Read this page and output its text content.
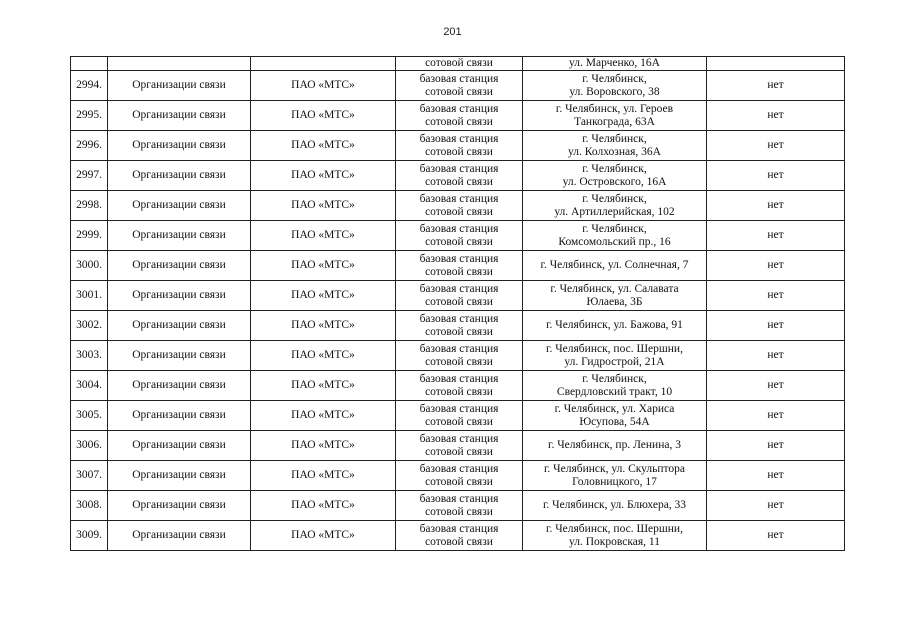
201
			сотовой связи	ул. Марченко, 16А	
2994.	Организации связи	ПАО «МТС»	базовая станция
сотовой связи	г. Челябинск,
ул. Воровского, 38	нет
2995.	Организации связи	ПАО «МТС»	базовая станция
сотовой связи	г. Челябинск, ул. Героев
Танкограда, 63А	нет
2996.	Организации связи	ПАО «МТС»	базовая станция
сотовой связи	г. Челябинск,
ул. Колхозная, 36А	нет
2997.	Организации связи	ПАО «МТС»	базовая станция
сотовой связи	г. Челябинск,
ул. Островского, 16А	нет
2998.	Организации связи	ПАО «МТС»	базовая станция
сотовой связи	г. Челябинск,
ул. Артиллерийская, 102	нет
2999.	Организации связи	ПАО «МТС»	базовая станция
сотовой связи	г. Челябинск,
Комсомольский пр., 16	нет
3000.	Организации связи	ПАО «МТС»	базовая станция
сотовой связи	г. Челябинск, ул. Солнечная, 7	нет
3001.	Организации связи	ПАО «МТС»	базовая станция
сотовой связи	г. Челябинск, ул. Салавата
Юлаева, 3Б	нет
3002.	Организации связи	ПАО «МТС»	базовая станция
сотовой связи	г. Челябинск, ул. Бажова, 91	нет
3003.	Организации связи	ПАО «МТС»	базовая станция
сотовой связи	г. Челябинск, пос. Шершни,
ул. Гидрострой, 21А	нет
3004.	Организации связи	ПАО «МТС»	базовая станция
сотовой связи	г. Челябинск,
Свердловский тракт, 10	нет
3005.	Организации связи	ПАО «МТС»	базовая станция
сотовой связи	г. Челябинск, ул. Хариса
Юсупова, 54А	нет
3006.	Организации связи	ПАО «МТС»	базовая станция
сотовой связи	г. Челябинск, пр. Ленина, 3	нет
3007.	Организации связи	ПАО «МТС»	базовая станция
сотовой связи	г. Челябинск, ул. Скульптора
Головницкого, 17	нет
3008.	Организации связи	ПАО «МТС»	базовая станция
сотовой связи	г. Челябинск, ул. Блюхера, 33	нет
3009.	Организации связи	ПАО «МТС»	базовая станция
сотовой связи	г. Челябинск, пос. Шершни,
ул. Покровская, 11	нет
